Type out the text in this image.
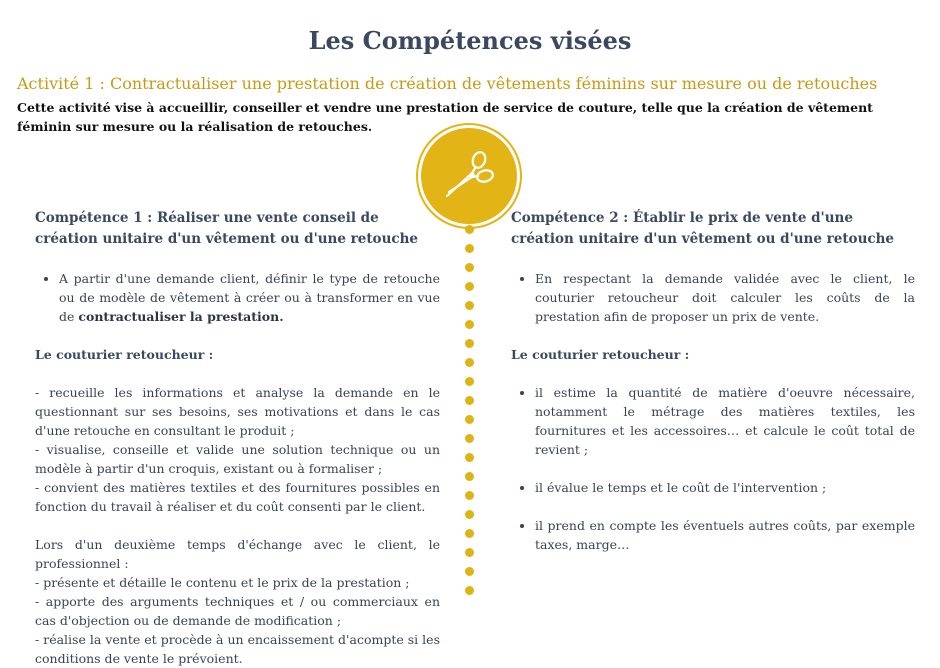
Les Compétences visées
Activité 1 : Contractualiser une prestation de création de vêtements féminins sur mesure ou de retouches
Cette activité vise à accueillir, conseiller et vendre une prestation de service de couture, telle que la création de vêtement féminin sur mesure ou la réalisation de retouches.

Compétence 1 : Réaliser une vente conseil de création unitaire d'un vêtement ou d'une retouche

• A partir d'une demande client, définir le type de retouche ou de modèle de vêtement à créer ou à transformer en vue de contractualiser la prestation.
Le couturier retoucheur :
- recueille les informations et analyse la demande en le questionnant sur ses besoins, ses motivations et dans le cas d'une retouche en consultant le produit ;
- visualise, conseille et valide une solution technique ou un modèle à partir d'un croquis, existant ou à formaliser ;
- convient des matières textiles et des fournitures possibles en fonction du travail à réaliser et du coût consenti par le client.
Lors d'un deuxième temps d'échange avec le client, le professionnel :
- présente et détaille le contenu et le prix de la prestation ;
- apporte des arguments techniques et / ou commerciaux en cas d'objection ou de demande de modification ;
- réalise la vente et procède à un encaissement d'acompte si les conditions de vente le prévoient.

Compétence 2 : Établir le prix de vente d'une création unitaire d'un vêtement ou d'une retouche

• En respectant la demande validée avec le client, le couturier retoucheur doit calculer les coûts de la prestation afin de proposer un prix de vente.
Le couturier retoucheur :
• il estime la quantité de matière d'oeuvre nécessaire, notamment le métrage des matières textiles, les fournitures et les accessoires… et calcule le coût total de revient ;
• il évalue le temps et le coût de l'intervention ;
• il prend en compte les éventuels autres coûts, par exemple taxes, marge…
